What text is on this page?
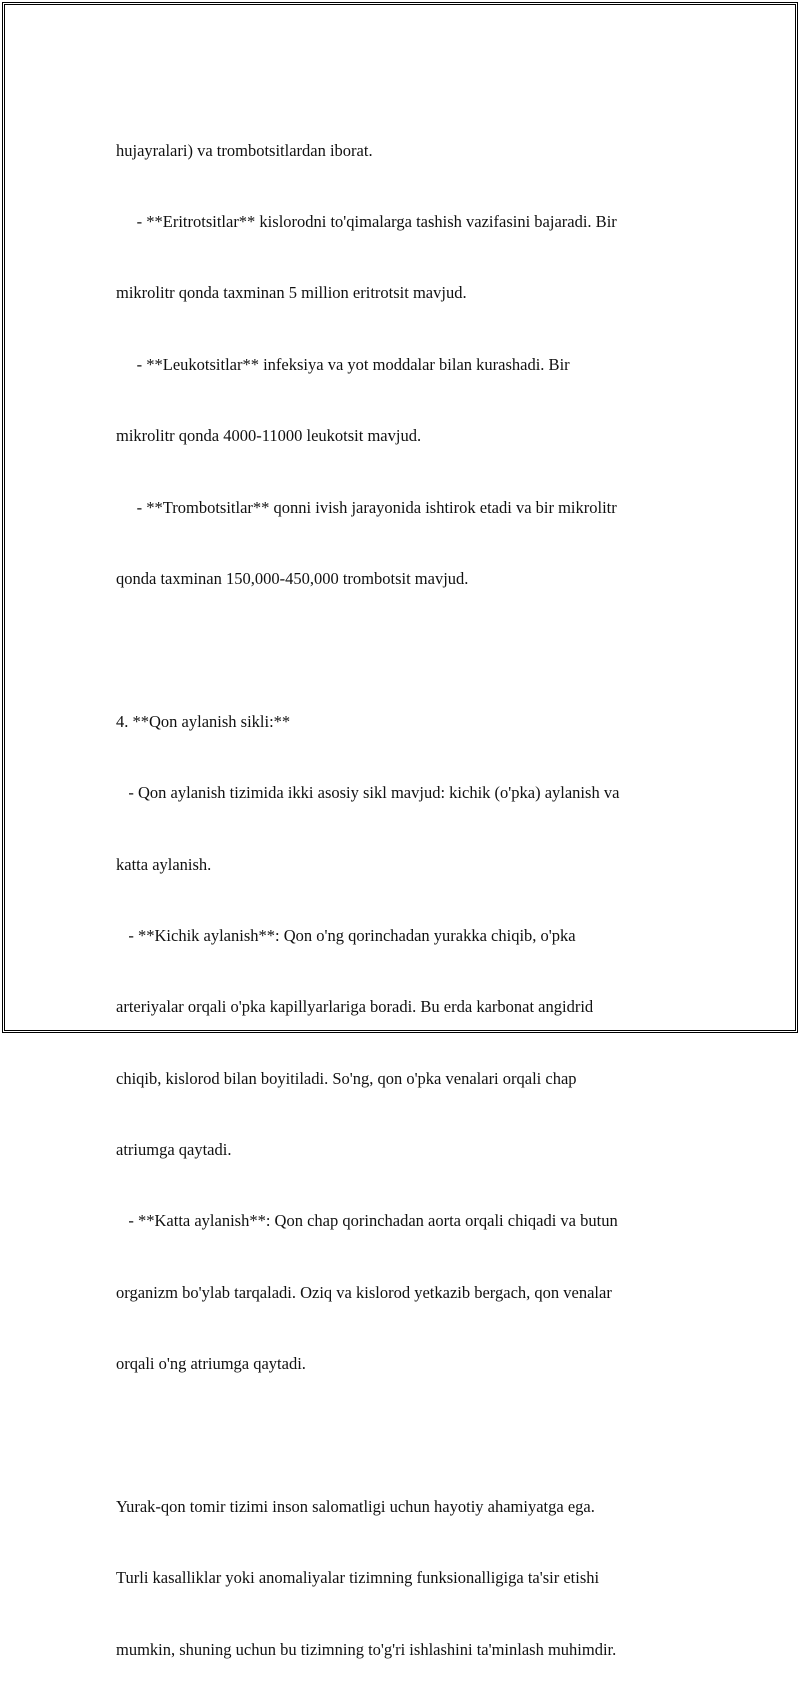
hujayralari) va trombotsitlardan iborat.

- **Eritrotsitlar** kislorodni to'qimalarga tashish vazifasini bajaradi. Bir

mikrolitr qonda taxminan 5 million eritrotsit mavjud.

- **Leukotsitlar** infeksiya va yot moddalar bilan kurashadi. Bir

mikrolitr qonda 4000-11000 leukotsit mavjud.

- **Trombotsitlar** qonni ivish jarayonida ishtirok etadi va bir mikrolitr

qonda taxminan 150,000-450,000 trombotsit mavjud.

4. **Qon aylanish sikli:**

- Qon aylanish tizimida ikki asosiy sikl mavjud: kichik (o'pka) aylanish va

katta aylanish.

- **Kichik aylanish**: Qon o'ng qorinchadan yurakka chiqib, o'pka

arteriyalar orqali o'pka kapillyarlariga boradi. Bu erda karbonat angidrid

chiqib, kislorod bilan boyitiladi. So'ng, qon o'pka venalari orqali chap

atriumga qaytadi.

- **Katta aylanish**: Qon chap qorinchadan aorta orqali chiqadi va butun

organizm bo'ylab tarqaladi. Oziq va kislorod yetkazib bergach, qon venalar

orqali o'ng atriumga qaytadi.

Yurak-qon tomir tizimi inson salomatligi uchun hayotiy ahamiyatga ega.

Turli kasalliklar yoki anomaliyalar tizimning funksionalligiga ta'sir etishi

mumkin, shuning uchun bu tizimning to'g'ri ishlashini ta'minlash muhimdir.
